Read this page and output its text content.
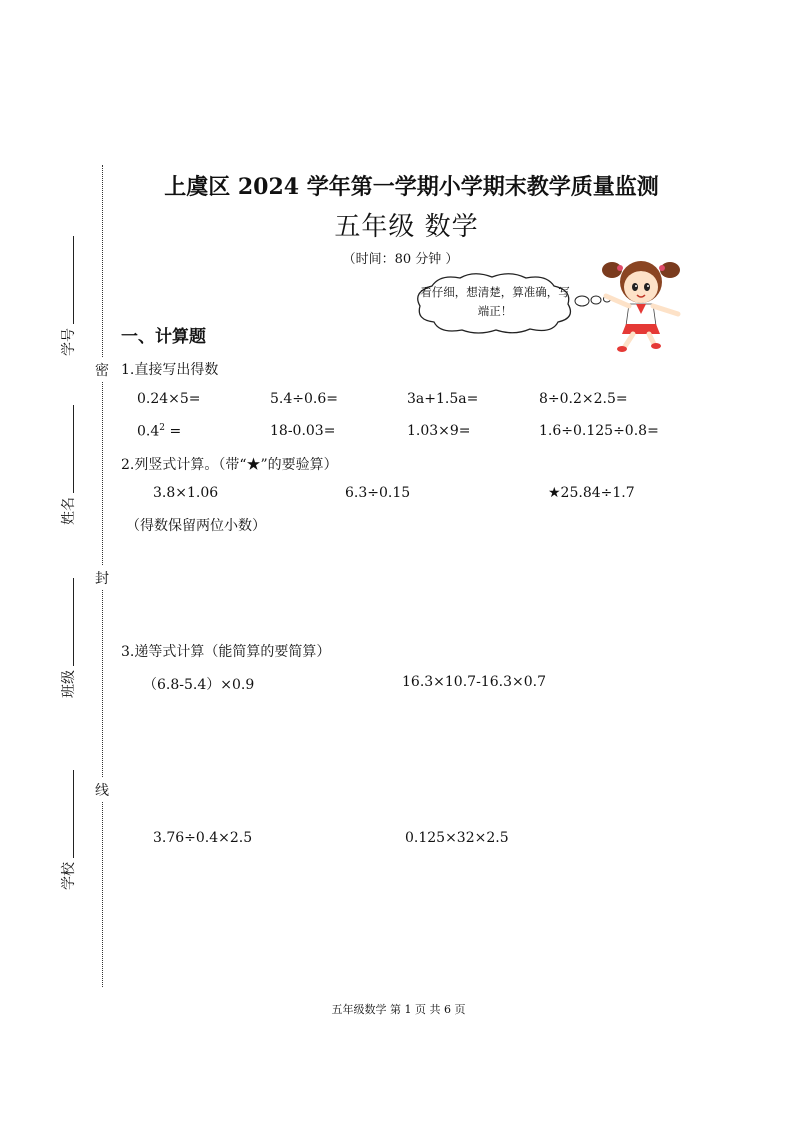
密
封
线
学号
姓名
班级
学校
上虞区 2024 学年第一学期小学期末教学质量监测
五年级 数学
（时间：80 分钟 ）
看仔细，想清楚，算准确，写端正！
一、计算题
1.直接写出得数
0.24×5=	5.4÷0.6=	3a+1.5a=	8÷0.2×2.5=
$0.4^2$ =	18-0.03=	1.03×9=	1.6÷0.125÷0.8=
2.列竖式计算。（带“★”的要验算）
3.8×1.06	6.3÷0.15	★25.84÷1.7
（得数保留两位小数）
3.递等式计算（能简算的要简算）
（6.8-5.4）×0.9	16.3×10.7-16.3×0.7
3.76÷0.4×2.5	0.125×32×2.5
五年级数学 第 1 页 共 6 页
